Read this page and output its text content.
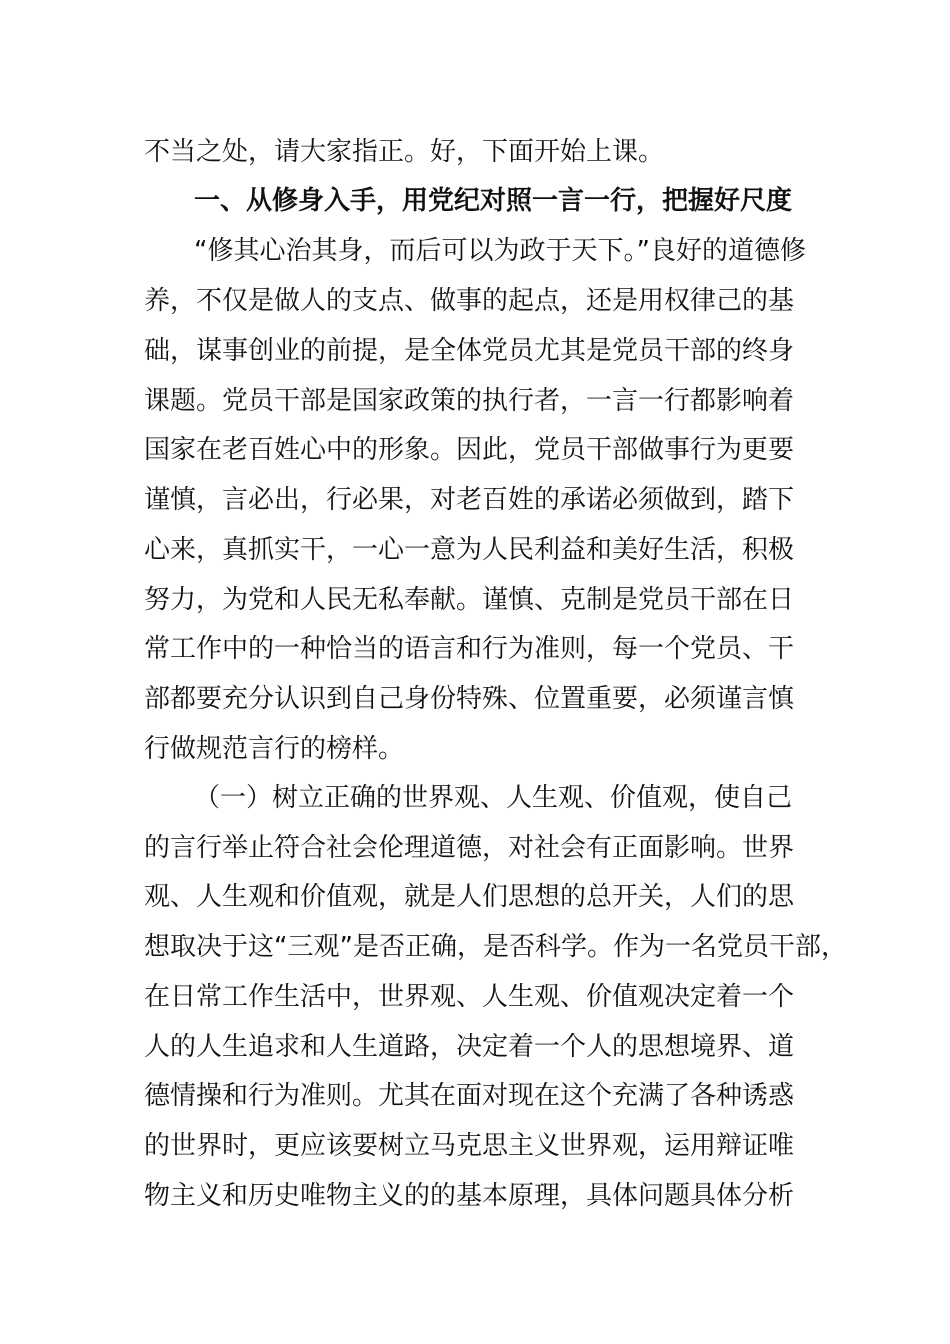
不当之处，请大家指正。好，下面开始上课。
一、从修身入手，用党纪对照一言一行，把握好尺度
“修其心治其身，而后可以为政于天下。”良好的道德修
养，不仅是做人的支点、做事的起点，还是用权律己的基
础，谋事创业的前提，是全体党员尤其是党员干部的终身
课题。党员干部是国家政策的执行者，一言一行都影响着
国家在老百姓心中的形象。因此，党员干部做事行为更要
谨慎，言必出，行必果，对老百姓的承诺必须做到，踏下
心来，真抓实干，一心一意为人民利益和美好生活，积极
努力，为党和人民无私奉献。谨慎、克制是党员干部在日
常工作中的一种恰当的语言和行为准则，每一个党员、干
部都要充分认识到自己身份特殊、位置重要，必须谨言慎
行做规范言行的榜样。
（一）树立正确的世界观、人生观、价值观，使自己
的言行举止符合社会伦理道德，对社会有正面影响。世界
观、人生观和价值观，就是人们思想的总开关，人们的思
想取决于这“三观”是否正确，是否科学。作为一名党员干部，
在日常工作生活中，世界观、人生观、价值观决定着一个
人的人生追求和人生道路，决定着一个人的思想境界、道
德情操和行为准则。尤其在面对现在这个充满了各种诱惑
的世界时，更应该要树立马克思主义世界观，运用辩证唯
物主义和历史唯物主义的的基本原理，具体问题具体分析
